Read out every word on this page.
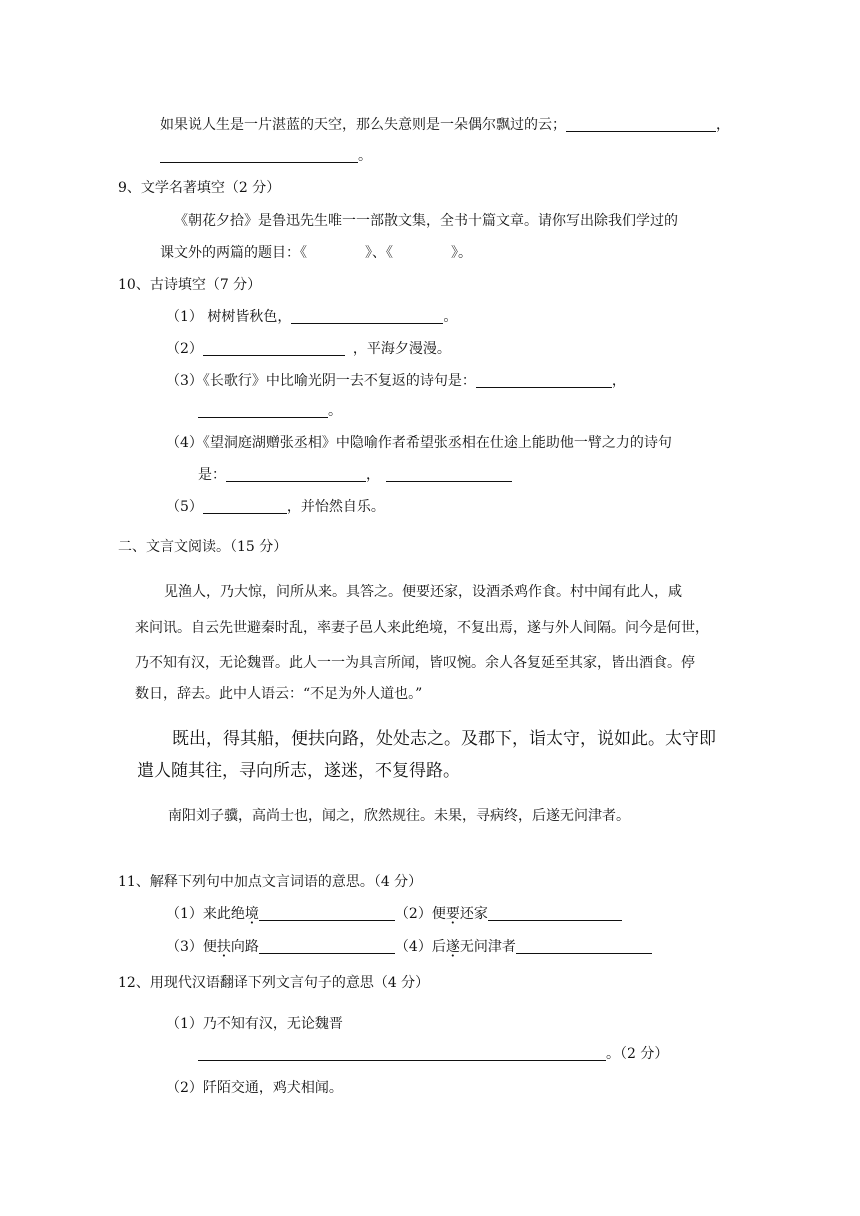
如果说人生是一片湛蓝的天空，那么失意则是一朵偶尔飘过的云；	，
。
9、文学名著填空（2 分）
《朝花夕拾》是鲁迅先生唯一一部散文集，全书十篇文章。请你写出除我们学过的
课文外的两篇的题目：《	》、《	》。
10、古诗填空（7 分）
（1） 树树皆秋色，	。
（2）	，平海夕漫漫。
（3）《长歌行》中比喻光阴一去不复返的诗句是：	，
。
（4）《望洞庭湖赠张丞相》中隐喻作者希望张丞相在仕途上能助他一臂之力的诗句
是：	，
（5）	，并怡然自乐。
二、文言文阅读。（15 分）
见渔人，乃大惊，问所从来。具答之。便要还家，设酒杀鸡作食。村中闻有此人，咸
来问讯。自云先世避秦时乱，率妻子邑人来此绝境，不复出焉，遂与外人间隔。问今是何世，
乃不知有汉，无论魏晋。此人一一为具言所闻，皆叹惋。余人各复延至其家，皆出酒食。停
数日，辞去。此中人语云：“不足为外人道也。”
既出，得其船，便扶向路，处处志之。及郡下，诣太守，说如此。太守即
遣人随其往，寻向所志，遂迷，不复得路。
南阳刘子骥，高尚士也，闻之，欣然规往。未果，寻病终，后遂无问津者。
11、解释下列句中加点文言词语的意思。（4 分）
（1）来此绝境	（2）便要还家
（3）便扶向路	（4）后遂无问津者
12、用现代汉语翻译下列文言句子的意思（4 分）
（1）乃不知有汉，无论魏晋
。（2 分）
（2）阡陌交通，鸡犬相闻。
